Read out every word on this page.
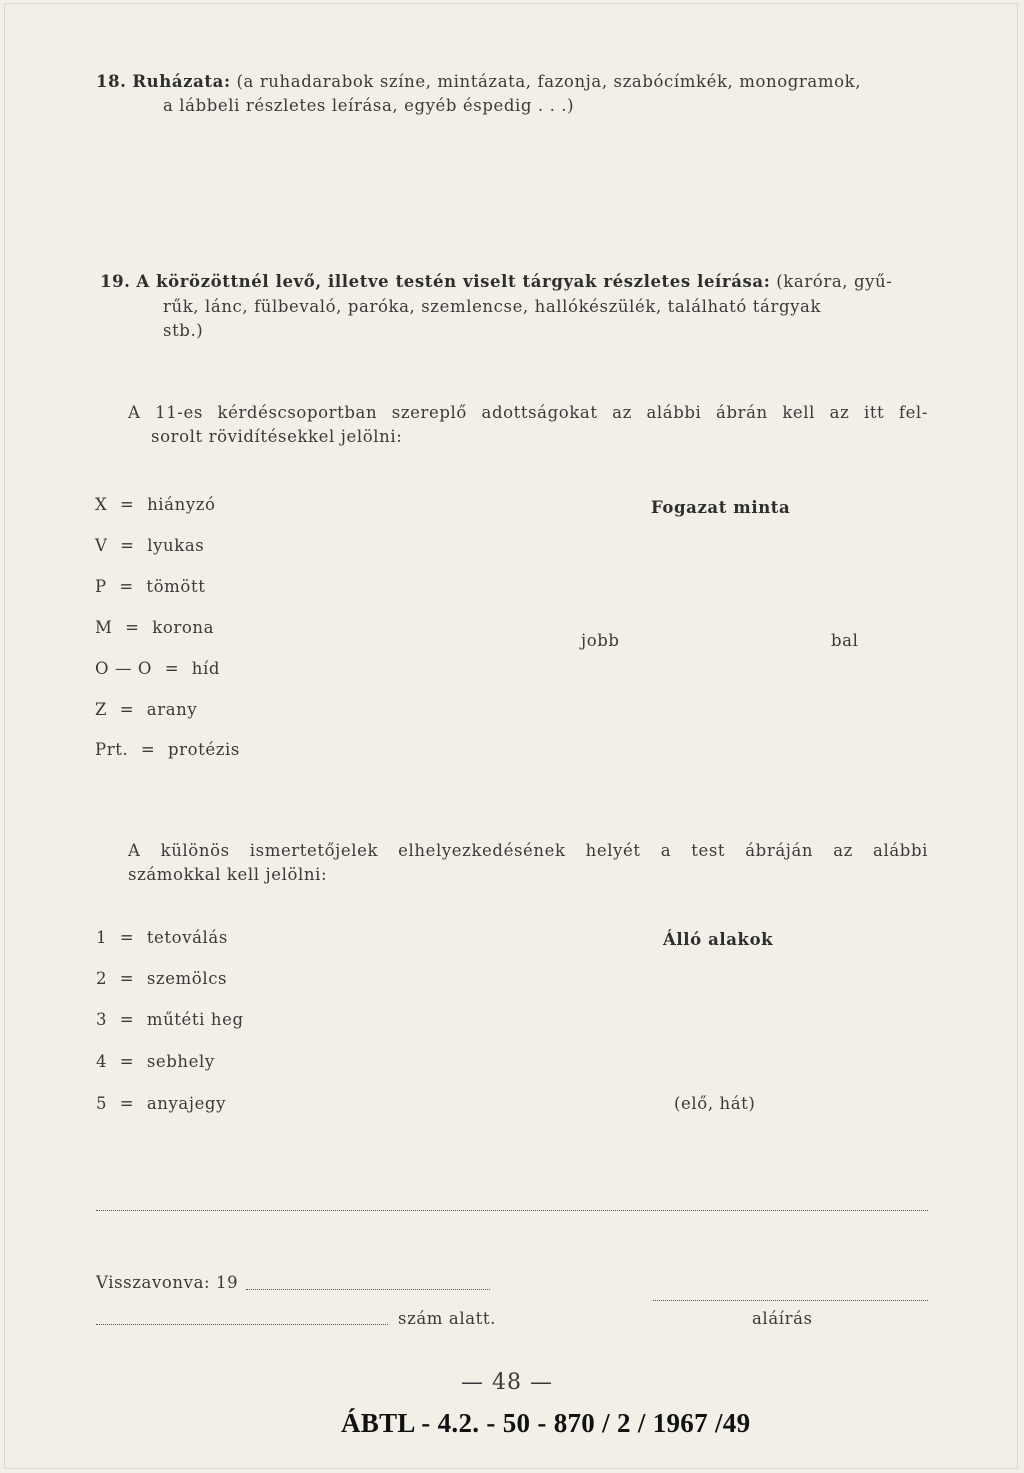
18. Ruházata: (a ruhadarabok színe, mintázata, fazonja, szabócímkék, monogramok,
a lábbeli részletes leírása, egyéb éspedig . . .)
19. A körözöttnél levő, illetve testén viselt tárgyak részletes leírása: (karóra, gyű-
rűk, lánc, fülbevaló, paróka, szemlencse, hallókészülék, található tárgyak
stb.)
A 11-es kérdéscsoportban szereplő adottságokat az alábbi ábrán kell az itt fel-
sorolt rövidítésekkel jelölni:
X = hiányzó
V = lyukas
P = tömött
M = korona
O — O = híd
Z = arany
Prt. = protézis
Fogazat minta
jobb	bal
A különös ismertetőjelek elhelyezkedésének helyét a test ábráján az alábbi
számokkal kell jelölni:
1 = tetoválás
2 = szemölcs
3 = műtéti heg
4 = sebhely
5 = anyajegy
Álló alakok
(elő, hát)
Visszavonva: 19
szám alatt.	aláírás
— 48 —
ÁBTL - 4.2. - 50 - 870 / 2 / 1967 /49
